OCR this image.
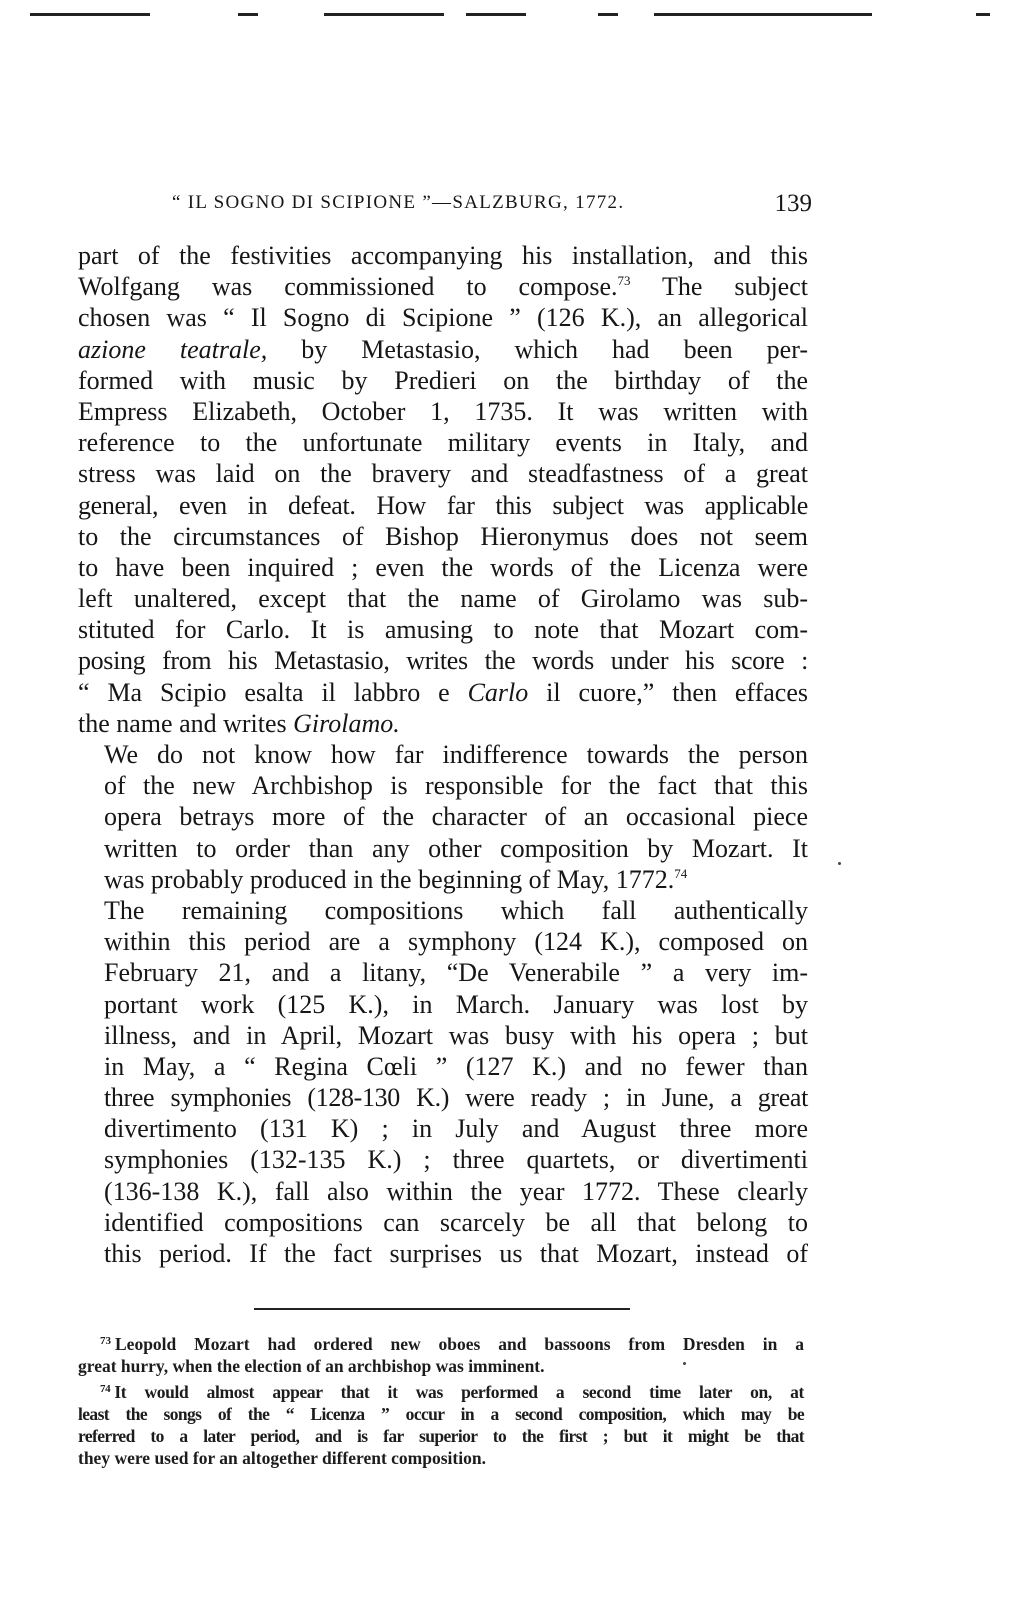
“ IL SOGNO DI SCIPIONE ”—SALZBURG, 1772.	139
part of the festivities accompanying his installation, and this
Wolfgang was commissioned to compose.$^{73}$ The subject
chosen was “ Il Sogno di Scipione ” (126 K.), an allegorical
azione teatrale, by Metastasio, which had been per-
formed with music by Predieri on the birthday of the
Empress Elizabeth, October 1, 1735. It was written with
reference to the unfortunate military events in Italy, and
stress was laid on the bravery and steadfastness of a great
general, even in defeat. How far this subject was applicable
to the circumstances of Bishop Hieronymus does not seem
to have been inquired ; even the words of the Licenza were
left unaltered, except that the name of Girolamo was sub-
stituted for Carlo. It is amusing to note that Mozart com-
posing from his Metastasio, writes the words under his score :
“ Ma Scipio esalta il labbro e Carlo il cuore,” then effaces
the name and writes Girolamo.
We do not know how far indifference towards the person
of the new Archbishop is responsible for the fact that this
opera betrays more of the character of an occasional piece
written to order than any other composition by Mozart. It
was probably produced in the beginning of May, 1772.74
The remaining compositions which fall authentically
within this period are a symphony (124 K.), composed on
February 21, and a litany, “De Venerabile ” a very im-
portant work (125 K.), in March. January was lost by
illness, and in April, Mozart was busy with his opera ; but
in May, a “ Regina Cœli ” (127 K.) and no fewer than
three symphonies (128-130 K.) were ready ; in June, a great
divertimento (131 K) ; in July and August three more
symphonies (132-135 K.) ; three quartets, or divertimenti
(136-138 K.), fall also within the year 1772. These clearly
identified compositions can scarcely be all that belong to
this period. If the fact surprises us that Mozart, instead of
$^{73}$ Leopold Mozart had ordered new oboes and bassoons from Dresden in a
great hurry, when the election of an archbishop was imminent.
$^{74}$ It would almost appear that it was performed a second time later on, at
least the songs of the “ Licenza ” occur in a second composition, which may be
referred to a later period, and is far superior to the first ; but it might be that
they were used for an altogether different composition.
